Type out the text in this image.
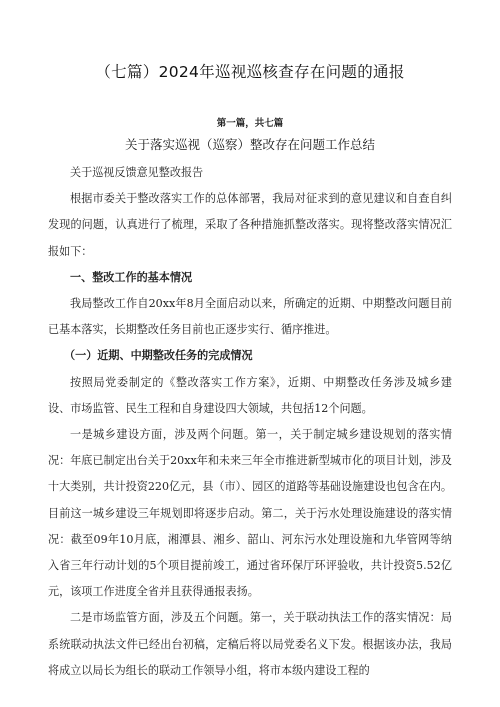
（七篇）2024年巡视巡核查存在问题的通报
第一篇，共七篇
关于落实巡视（巡察）整改存在问题工作总结

关于巡视反馈意见整改报告

根据市委关于整改落实工作的总体部署，我局对征求到的意见建议和自查自纠发现的问题，认真进行了梳理，采取了各种措施抓整改落实。现将整改落实情况汇报如下：

一、整改工作的基本情况

我局整改工作自20xx年8月全面启动以来，所确定的近期、中期整改问题目前已基本落实，长期整改任务目前也正逐步实行、循序推进。

（一）近期、中期整改任务的完成情况

按照局党委制定的《整改落实工作方案》，近期、中期整改任务涉及城乡建设、市场监管、民生工程和自身建设四大领域，共包括12个问题。

一是城乡建设方面，涉及两个问题。第一，关于制定城乡建设规划的落实情况：年底已制定出台关于20xx年和未来三年全市推进新型城市化的项目计划，涉及十大类别，共计投资220亿元，县（市）、园区的道路等基础设施建设也包含在内。目前这一城乡建设三年规划即将逐步启动。第二，关于污水处理设施建设的落实情况：截至09年10月底，湘潭县、湘乡、韶山、河东污水处理设施和九华管网等纳入省三年行动计划的5个项目提前竣工，通过省环保厅环评验收，共计投资5.52亿元，该项工作进度全省并且获得通报表扬。

二是市场监管方面，涉及五个问题。第一，关于联动执法工作的落实情况：局系统联动执法文件已经出台初稿，定稿后将以局党委名义下发。根据该办法，我局将成立以局长为组长的联动工作领导小组，将市本级内建设工程的
